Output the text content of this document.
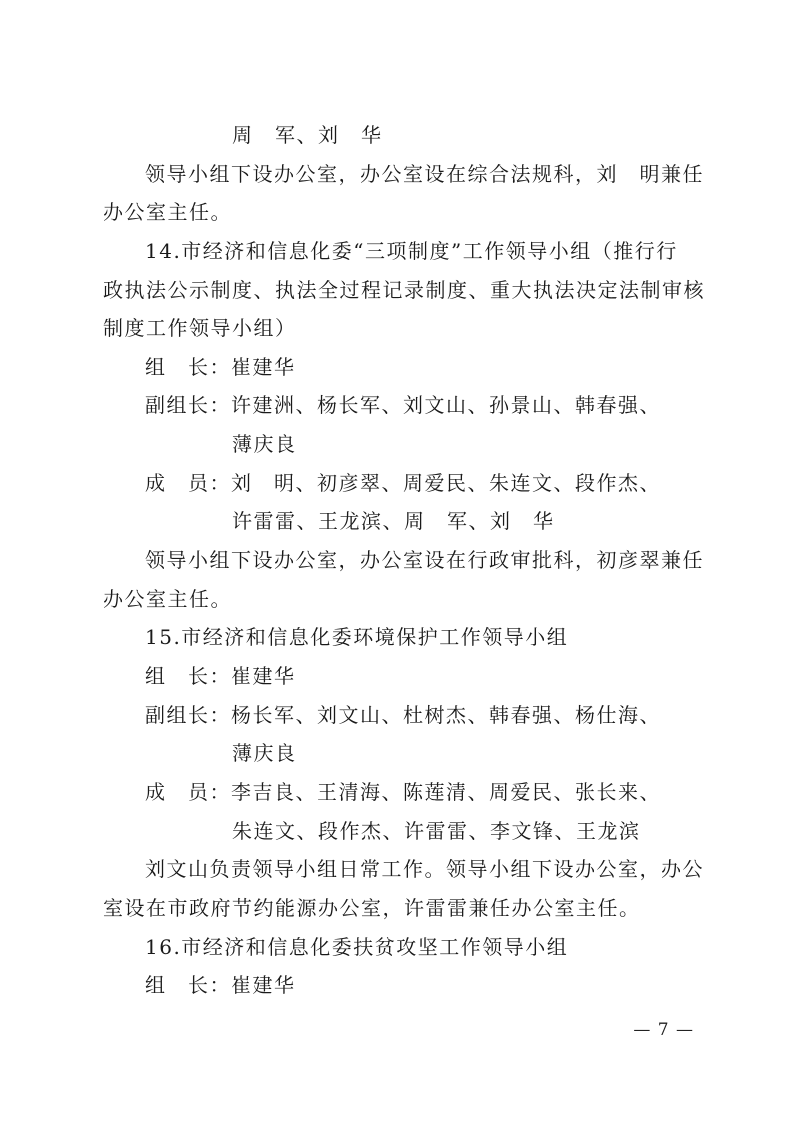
周　军、刘　华
领导小组下设办公室，办公室设在综合法规科，刘　明兼任
办公室主任。
14.市经济和信息化委“三项制度”工作领导小组（推行行
政执法公示制度、执法全过程记录制度、重大执法决定法制审核
制度工作领导小组）
组　长：崔建华
副组长：许建洲、杨长军、刘文山、孙景山、韩春强、
薄庆良
成　员：刘　明、初彦翠、周爱民、朱连文、段作杰、
许雷雷、王龙滨、周　军、刘　华
领导小组下设办公室，办公室设在行政审批科，初彦翠兼任
办公室主任。
15.市经济和信息化委环境保护工作领导小组
组　长：崔建华
副组长：杨长军、刘文山、杜树杰、韩春强、杨仕海、
薄庆良
成　员：李吉良、王清海、陈莲清、周爱民、张长来、
朱连文、段作杰、许雷雷、李文锋、王龙滨
刘文山负责领导小组日常工作。领导小组下设办公室，办公
室设在市政府节约能源办公室，许雷雷兼任办公室主任。
16.市经济和信息化委扶贫攻坚工作领导小组
组　长：崔建华
— 7 —
